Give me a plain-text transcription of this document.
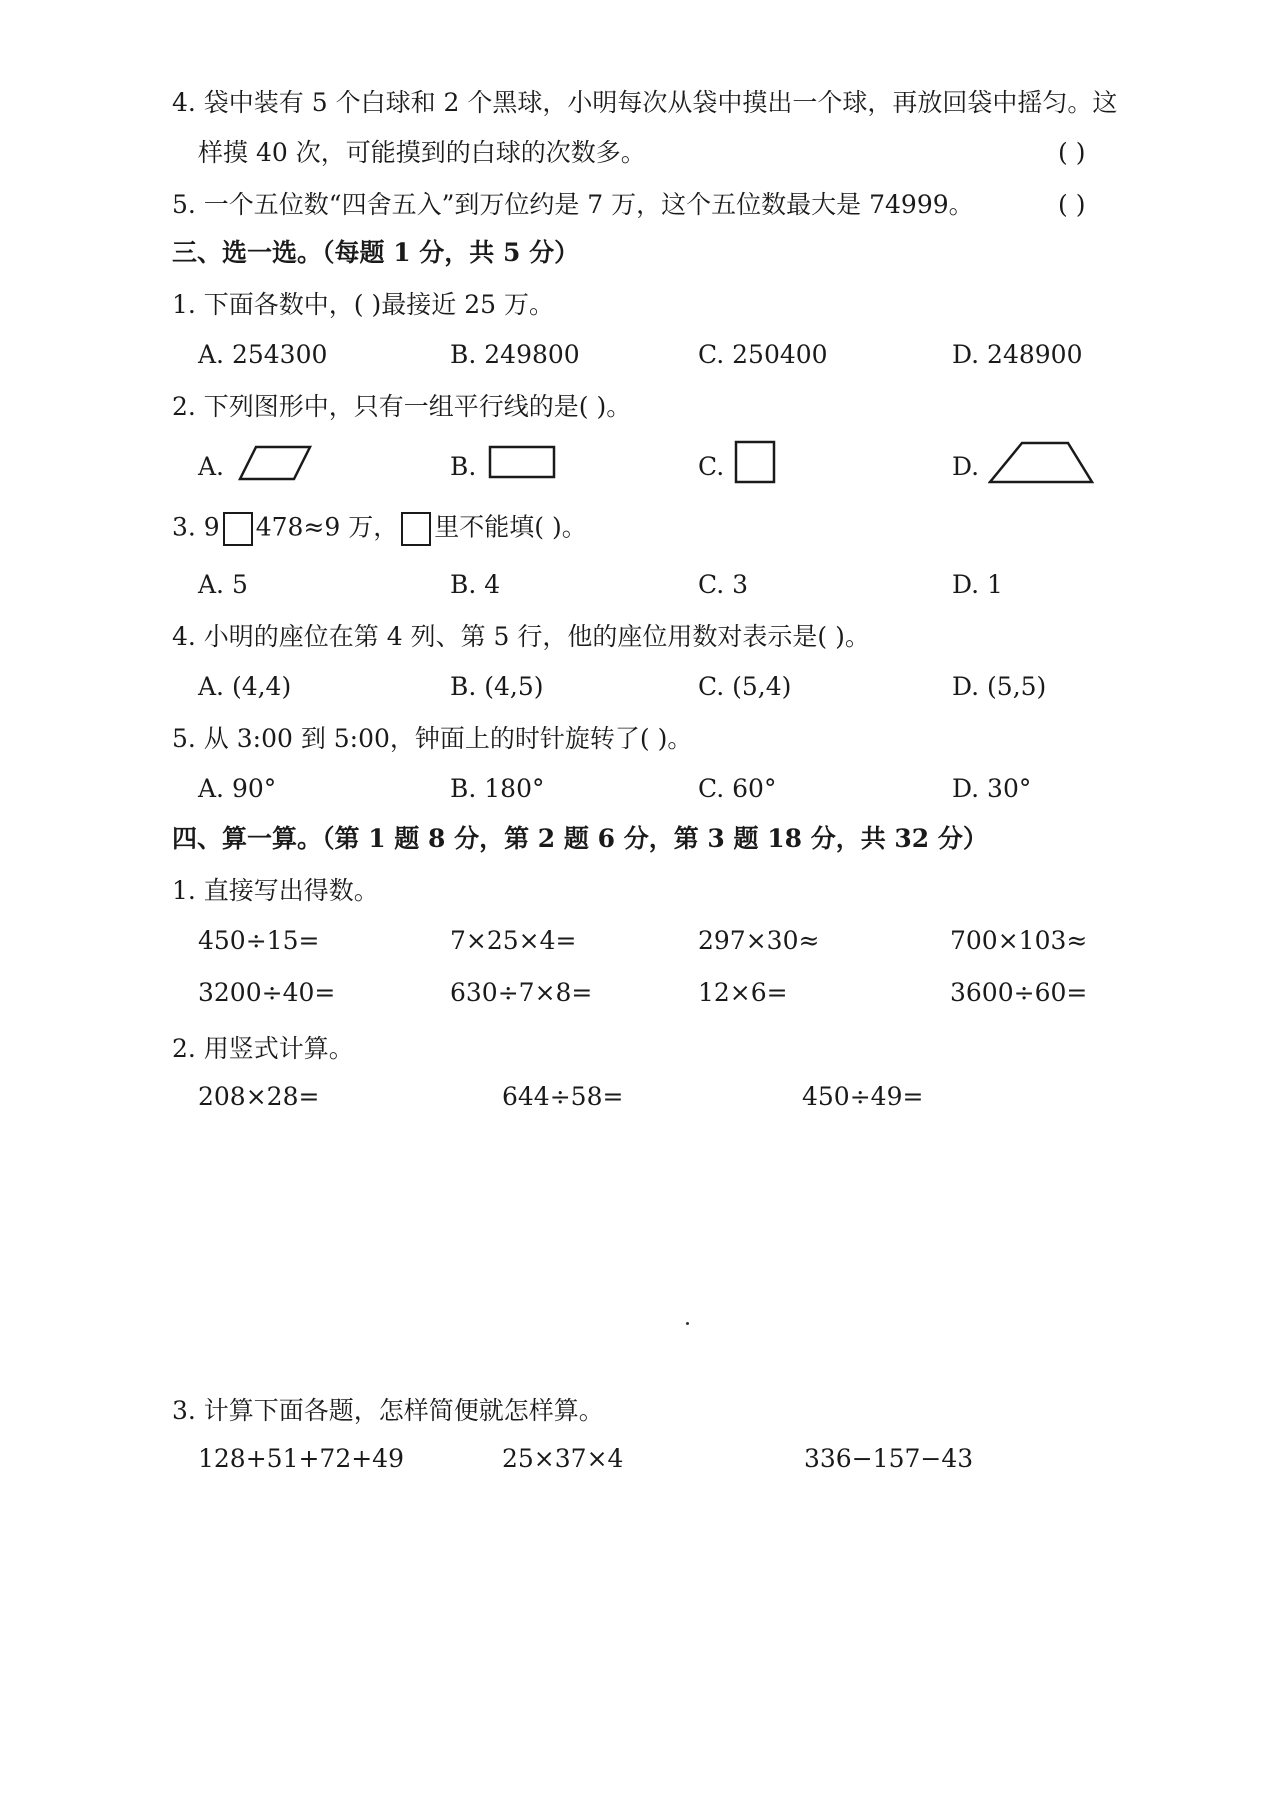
4. 袋中装有 5 个白球和 2 个黑球，小明每次从袋中摸出一个球，再放回袋中摇匀。这
样摸 40 次，可能摸到的白球的次数多。	( )
5. 一个五位数“四舍五入”到万位约是 7 万，这个五位数最大是 74999。	( )
三、选一选。（每题 1 分，共 5 分）
1. 下面各数中，( )最接近 25 万。
A. 254300	B. 249800	C. 250400	D. 248900
2. 下列图形中，只有一组平行线的是( )。
A.	B.	C.	D.
3. 9 478≈9 万， 里不能填( )。
A. 5	B. 4	C. 3	D. 1
4. 小明的座位在第 4 列、第 5 行，他的座位用数对表示是( )。
A. (4,4)	B. (4,5)	C. (5,4)	D. (5,5)
5. 从 3:00 到 5:00，钟面上的时针旋转了( )。
A. 90°	B. 180°	C. 60°	D. 30°
四、算一算。（第 1 题 8 分，第 2 题 6 分，第 3 题 18 分，共 32 分）
1. 直接写出得数。
450÷15=	7×25×4=	297×30≈	700×103≈
3200÷40=	630÷7×8=	12×6=	3600÷60=
2. 用竖式计算。
208×28=	644÷58=	450÷49=
3. 计算下面各题，怎样简便就怎样算。
128+51+72+49	25×37×4	336−157−43
